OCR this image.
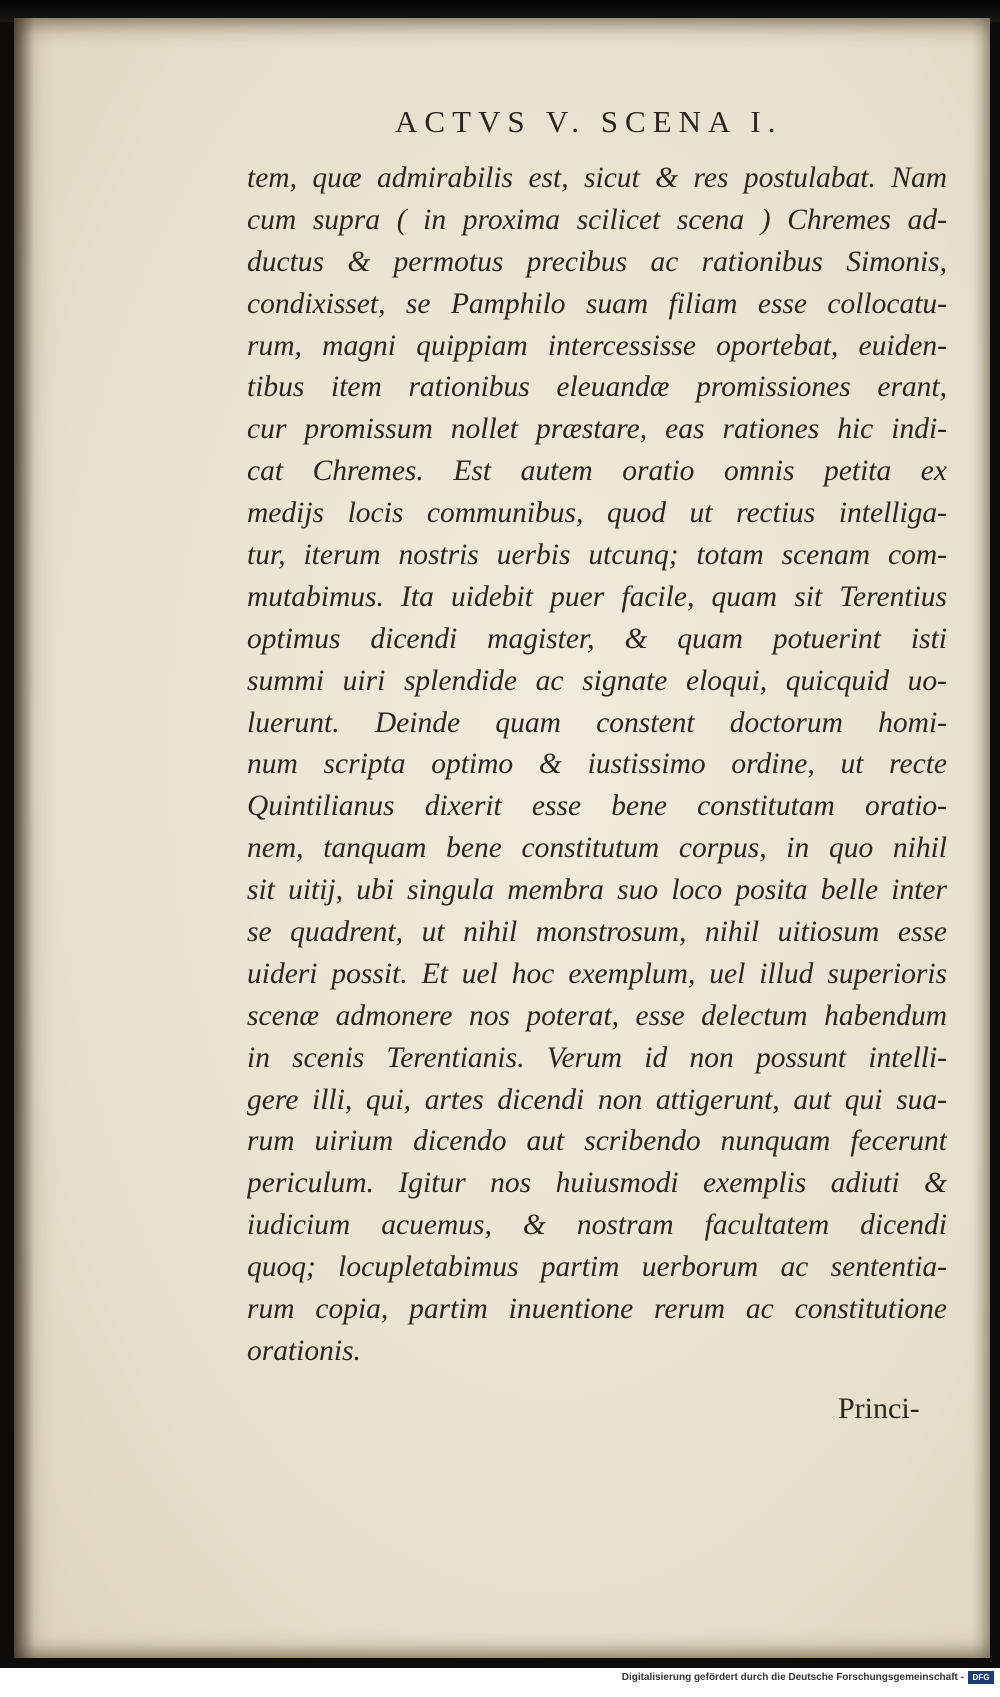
ACTVS V. SCENA I.
tem, quæ admirabilis est, sicut & res postulabat. Nam
cum supra ( in proxima scilicet scena ) Chremes ad-
ductus & permotus precibus ac rationibus Simonis,
condixisset, se Pamphilo suam filiam esse collocatu-
rum, magni quippiam intercessisse oportebat, euiden-
tibus item rationibus eleuandæ promissiones erant,
cur promissum nollet præstare, eas rationes hic indi-
cat Chremes. Est autem oratio omnis petita ex
medijs locis communibus, quod ut rectius intelliga-
tur, iterum nostris uerbis utcunq; totam scenam com-
mutabimus. Ita uidebit puer facile, quam sit Terentius
optimus dicendi magister, & quam potuerint isti
summi uiri splendide ac signate eloqui, quicquid uo-
luerunt. Deinde quam constent doctorum homi-
num scripta optimo & iustissimo ordine, ut recte
Quintilianus dixerit esse bene constitutam oratio-
nem, tanquam bene constitutum corpus, in quo nihil
sit uitij, ubi singula membra suo loco posita belle inter
se quadrent, ut nihil monstrosum, nihil uitiosum esse
uideri possit. Et uel hoc exemplum, uel illud superioris
scenæ admonere nos poterat, esse delectum habendum
in scenis Terentianis. Verum id non possunt intelli-
gere illi, qui, artes dicendi non attigerunt, aut qui sua-
rum uirium dicendo aut scribendo nunquam fecerunt
periculum. Igitur nos huiusmodi exemplis adiuti &
iudicium acuemus, & nostram facultatem dicendi
quoq; locupletabimus partim uerborum ac sententia-
rum copia, partim inuentione rerum ac constitutione
orationis.
Princi-
Digitalisierung gefördert durch die Deutsche Forschungsgemeinschaft -	DFG
